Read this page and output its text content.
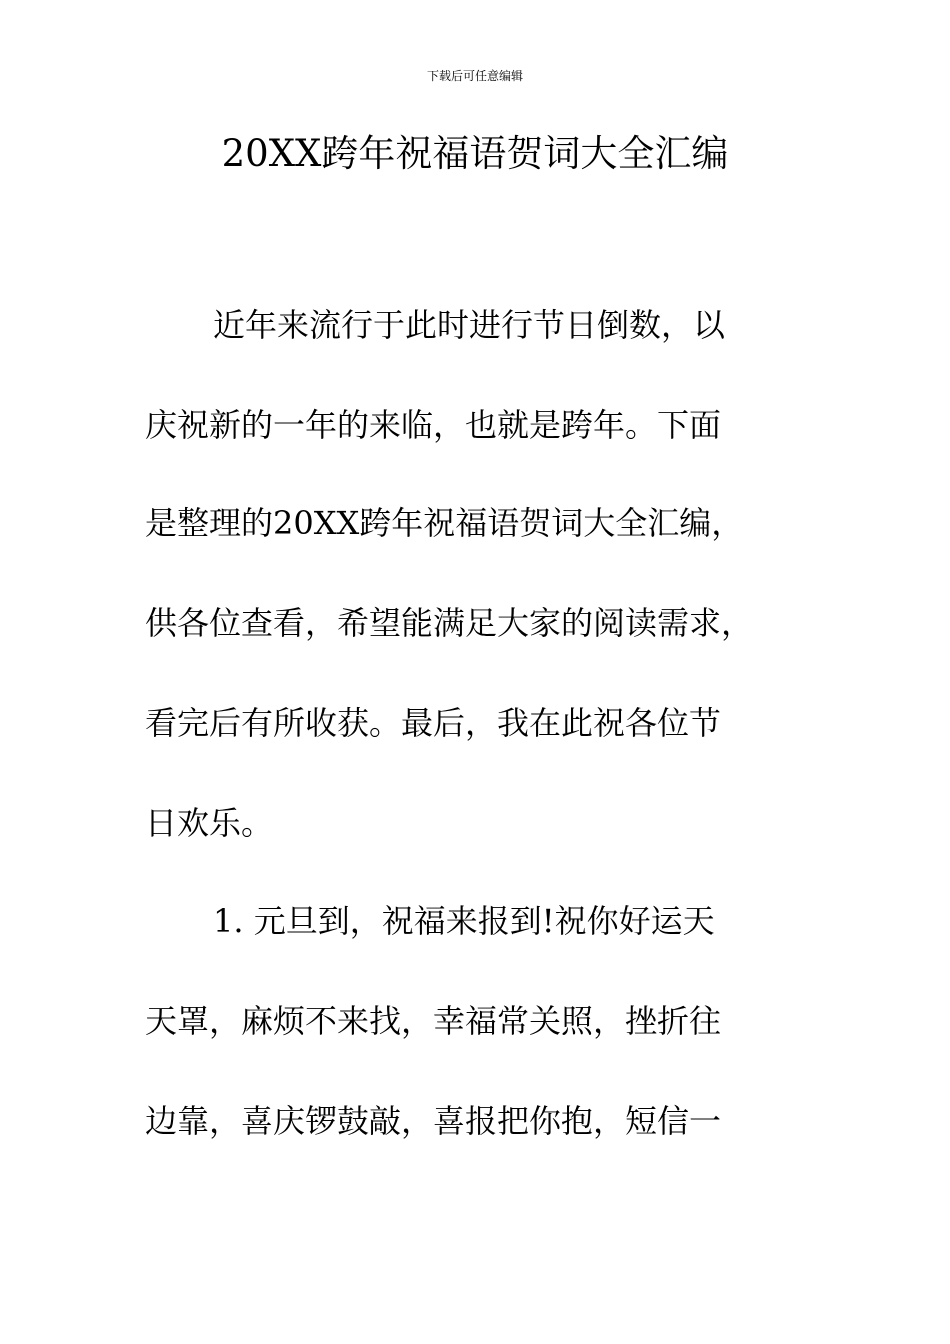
下载后可任意编辑
20XX跨年祝福语贺词大全汇编
近年来流行于此时进行节日倒数，以
庆祝新的一年的来临，也就是跨年。下面
是整理的20XX跨年祝福语贺词大全汇编，
供各位查看，希望能满足大家的阅读需求，
看完后有所收获。最后，我在此祝各位节
日欢乐。
1. 元旦到，祝福来报到!祝你好运天
天罩，麻烦不来找，幸福常关照，挫折往
边靠，喜庆锣鼓敲，喜报把你抱，短信一
